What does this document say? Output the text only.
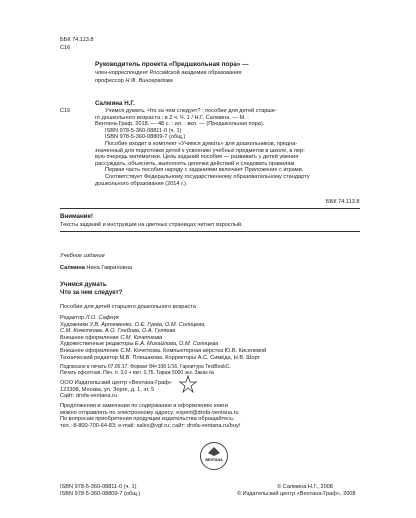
ББК 74.113.8
С16
Руководитель проекта «Предшкольная пора» —
член-корреспондент Российской академии образования
профессор Н.Ф. Виноградова
С16
Салмина Н.Г.
Учимся думать. Что за чем следует? : пособие для детей старше-
го дошкольного возраста : в 2 ч. Ч. 1 / Н.Г. Салмина. — М. :
Вентана-Граф, 2018. — 48 с. : ил. : вкл. — (Предшкольная пора).
ISBN 978-5-360-08811-0 (ч. 1)
ISBN 978-5-360-08809-7 (общ.)
Пособие входит в комплект «Учимся думать» для дошкольников, предна-
значенный для подготовки детей к усвоению учебных предметов в школе, в пер-
вую очередь математики. Цель заданий пособия — развивать у детей умения
рассуждать, объяснять, выполнять цепочки действий и следовать правилам.
Первая часть пособия наряду с заданиями включает Приложение с играми.
Соответствует Федеральному государственному образовательному стандарту
дошкольного образования (2014 г.).
ББК 74.113.8
Внимание!
Тексты заданий и инструкции на цветных страницах читает взрослый.
Учебное издание
Салмина Нина Гавриловна
Учимся думать
Что за чем следует?
Пособие для детей старшего дошкольного возраста
Редактор Л.О. Сафнук
Художники У.В. Артеменко, О.Е. Гуева, О.М. Солнцева,
С.М. Кочеткова, А.О. Глебова, О.А. Гуляева
Внешнее оформление С.М. Кочеткова
Художественные редакторы Е.А. Михайлова, О.М. Солнцева
Внешнее оформление С.М. Кочеткова. Компьютерная вёрстка Ю.В. Киселевой
Технический редактор М.В. Плешакова. Корректоры А.С. Симёда, Н.В. Шорт
Подписано в печать 07.06.17. Формат 84×108 1/16. Гарнитура TextBookC.
Печать офсетная. Печ. л. 3,0 + вкл. 0,75. Тираж 5000 экз. Заказ №
ООО Издательский центр «Вентана-Граф»
123308, Москва, ул. Зорге, д. 1, эт. 5
Сайт: drofa-ventana.ru
Предложения и замечания по содержанию и оформлению книги
можно отправлять по электронному адресу: expert@drofa-ventana.ru
По вопросам приобретения продукции издательства обращайтесь:
тел.: 8-800-700-64-83; e-mail: sales@vgf.ru; сайт: drofa-ventana.ru/buy/
ВЕНТАНА
ISBN 978-5-360-08811-0 (ч. 1)
ISBN 978-5-360-08809-7 (общ.)
© Салмина Н.Г., 2008
© Издательский центр «Вентана-Граф», 2008
